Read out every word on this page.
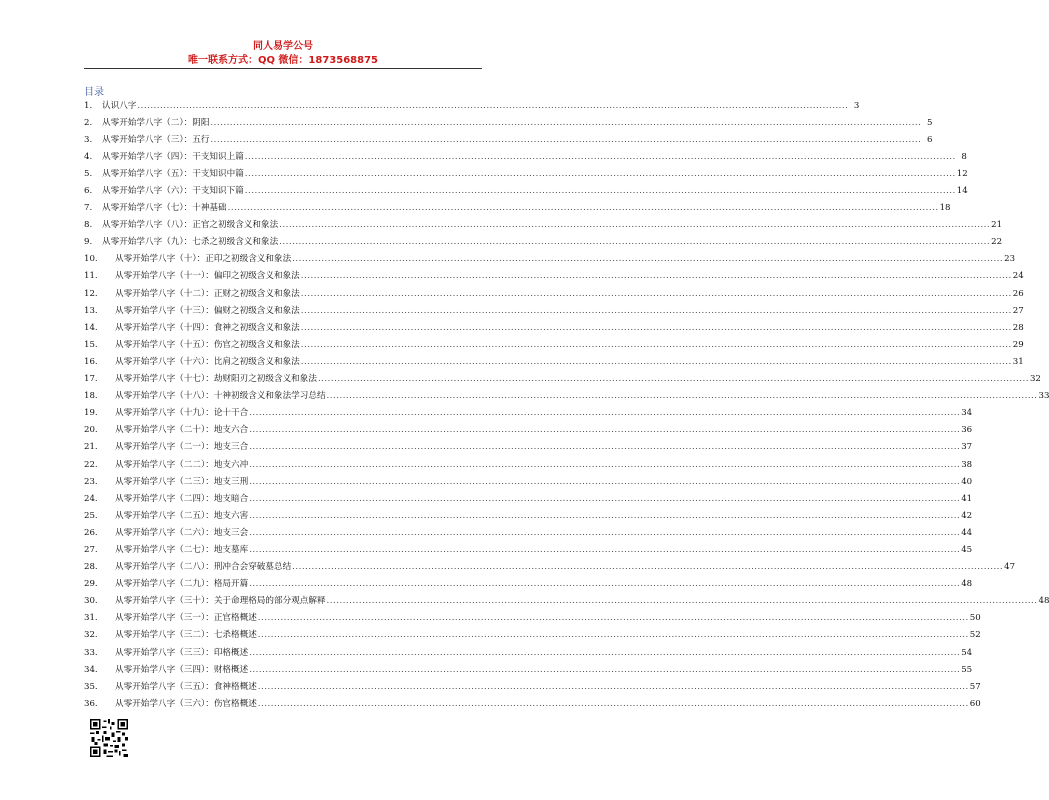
同人易学公号
唯一联系方式：QQ 微信：1873568875
目录
1.	认识八字 ............................................................................................................................................................................................................................ 3
2.	从零开始学八字（二）：阴阳 ............................................................................................................................................................................................................................ 5
3.	从零开始学八字（三）：五行 ............................................................................................................................................................................................................................ 6
4.	从零开始学八字（四）：干支知识上篇 ............................................................................................................................................................................................................................ 8
5.	从零开始学八字（五）：干支知识中篇 ............................................................................................................................................................................................................................ 12
6.	从零开始学八字（六）：干支知识下篇 ............................................................................................................................................................................................................................ 14
7.	从零开始学八字（七）：十神基础 ............................................................................................................................................................................................................................ 18
8.	从零开始学八字（八）：正官之初级含义和象法 ............................................................................................................................................................................................................................ 21
9.	从零开始学八字（九）：七杀之初级含义和象法 ............................................................................................................................................................................................................................ 22
10.	从零开始学八字（十）：正印之初级含义和象法 ............................................................................................................................................................................................................................ 23
11.	从零开始学八字（十一）：偏印之初级含义和象法 ............................................................................................................................................................................................................................ 24
12.	从零开始学八字（十二）：正财之初级含义和象法 ............................................................................................................................................................................................................................ 26
13.	从零开始学八字（十三）：偏财之初级含义和象法 ............................................................................................................................................................................................................................ 27
14.	从零开始学八字（十四）：食神之初级含义和象法 ............................................................................................................................................................................................................................ 28
15.	从零开始学八字（十五）：伤官之初级含义和象法 ............................................................................................................................................................................................................................ 29
16.	从零开始学八字（十六）：比肩之初级含义和象法 ............................................................................................................................................................................................................................ 31
17.	从零开始学八字（十七）：劫财阳刃之初级含义和象法 ............................................................................................................................................................................................................................ 32
18.	从零开始学八字（十八）：十神初级含义和象法学习总结 ............................................................................................................................................................................................................................ 33
19.	从零开始学八字（十九）：论十干合 ............................................................................................................................................................................................................................ 34
20.	从零开始学八字（二十）：地支六合 ............................................................................................................................................................................................................................ 36
21.	从零开始学八字（二一）：地支三合 ............................................................................................................................................................................................................................ 37
22.	从零开始学八字（二二）：地支六冲 ............................................................................................................................................................................................................................ 38
23.	从零开始学八字（二三）：地支三刑 ............................................................................................................................................................................................................................ 40
24.	从零开始学八字（二四）：地支暗合 ............................................................................................................................................................................................................................ 41
25.	从零开始学八字（二五）：地支六害 ............................................................................................................................................................................................................................ 42
26.	从零开始学八字（二六）：地支三会 ............................................................................................................................................................................................................................ 44
27.	从零开始学八字（二七）：地支墓库 ............................................................................................................................................................................................................................ 45
28.	从零开始学八字（二八）：刑冲合会穿破墓总结 ............................................................................................................................................................................................................................ 47
29.	从零开始学八字（二九）：格局开篇 ............................................................................................................................................................................................................................ 48
30.	从零开始学八字（三十）：关于命理格局的部分观点解释 ............................................................................................................................................................................................................................ 48
31.	从零开始学八字（三一）：正官格概述 ............................................................................................................................................................................................................................ 50
32.	从零开始学八字（三二）：七杀格概述 ............................................................................................................................................................................................................................ 52
33.	从零开始学八字（三三）：印格概述 ............................................................................................................................................................................................................................ 54
34.	从零开始学八字（三四）：财格概述 ............................................................................................................................................................................................................................ 55
35.	从零开始学八字（三五）：食神格概述 ............................................................................................................................................................................................................................ 57
36.	从零开始学八字（三六）：伤官格概述 ............................................................................................................................................................................................................................ 60
